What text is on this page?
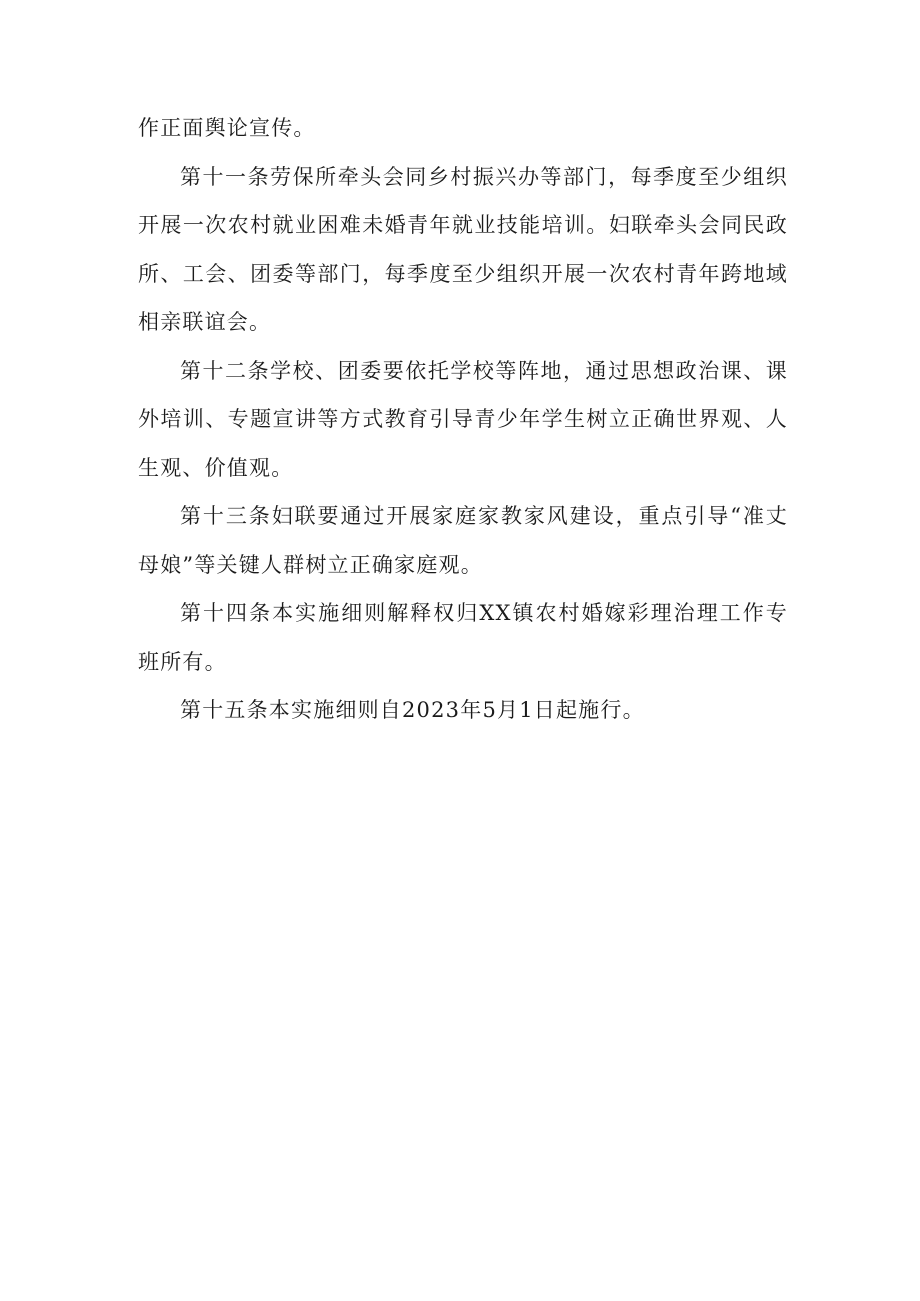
作正面舆论宣传。

第十一条劳保所牵头会同乡村振兴办等部门，每季度至少组织开展一次农村就业困难未婚青年就业技能培训。妇联牵头会同民政所、工会、团委等部门，每季度至少组织开展一次农村青年跨地域相亲联谊会。

第十二条学校、团委要依托学校等阵地，通过思想政治课、课外培训、专题宣讲等方式教育引导青少年学生树立正确世界观、人生观、价值观。

第十三条妇联要通过开展家庭家教家风建设，重点引导“准丈母娘”等关键人群树立正确家庭观。

第十四条本实施细则解释权归XX镇农村婚嫁彩理治理工作专班所有。

第十五条本实施细则自2023年5月1日起施行。
